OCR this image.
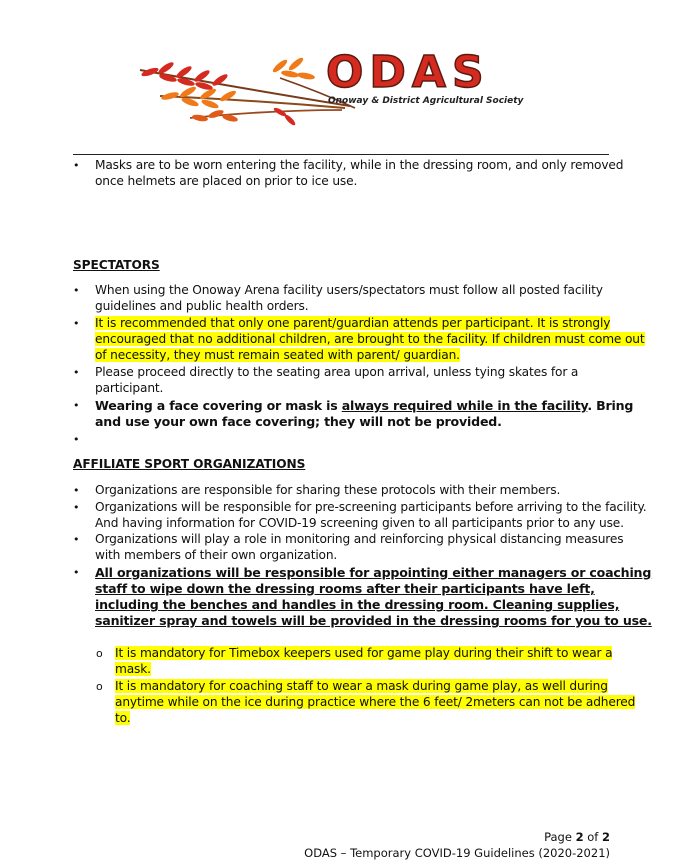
ODAS
Onoway & District Agricultural Society
• Masks are to be worn entering the facility, while in the dressing room, and only removed
once helmets are placed on prior to ice use.
SPECTATORS
• When using the Onoway Arena facility users/spectators must follow all posted facility
guidelines and public health orders.
• It is recommended that only one parent/guardian attends per participant. It is strongly
encouraged that no additional children, are brought to the facility. If children must come out
of necessity, they must remain seated with parent/ guardian.
• Please proceed directly to the seating area upon arrival, unless tying skates for a
participant.
• Wearing a face covering or mask is always required while in the facility. Bring
and use your own face covering; they will not be provided.
•
AFFILIATE SPORT ORGANIZATIONS
• Organizations are responsible for sharing these protocols with their members.
• Organizations will be responsible for pre-screening participants before arriving to the facility.
And having information for COVID-19 screening given to all participants prior to any use.
• Organizations will play a role in monitoring and reinforcing physical distancing measures
with members of their own organization.
• All organizations will be responsible for appointing either managers or coaching
staff to wipe down the dressing rooms after their participants have left,
including the benches and handles in the dressing room. Cleaning supplies,
sanitizer spray and towels will be provided in the dressing rooms for you to use.
o It is mandatory for Timebox keepers used for game play during their shift to wear a
mask.
o It is mandatory for coaching staff to wear a mask during game play, as well during
anytime while on the ice during practice where the 6 feet/ 2meters can not be adhered
to.
Page 2 of 2
ODAS – Temporary COVID-19 Guidelines (2020-2021)
